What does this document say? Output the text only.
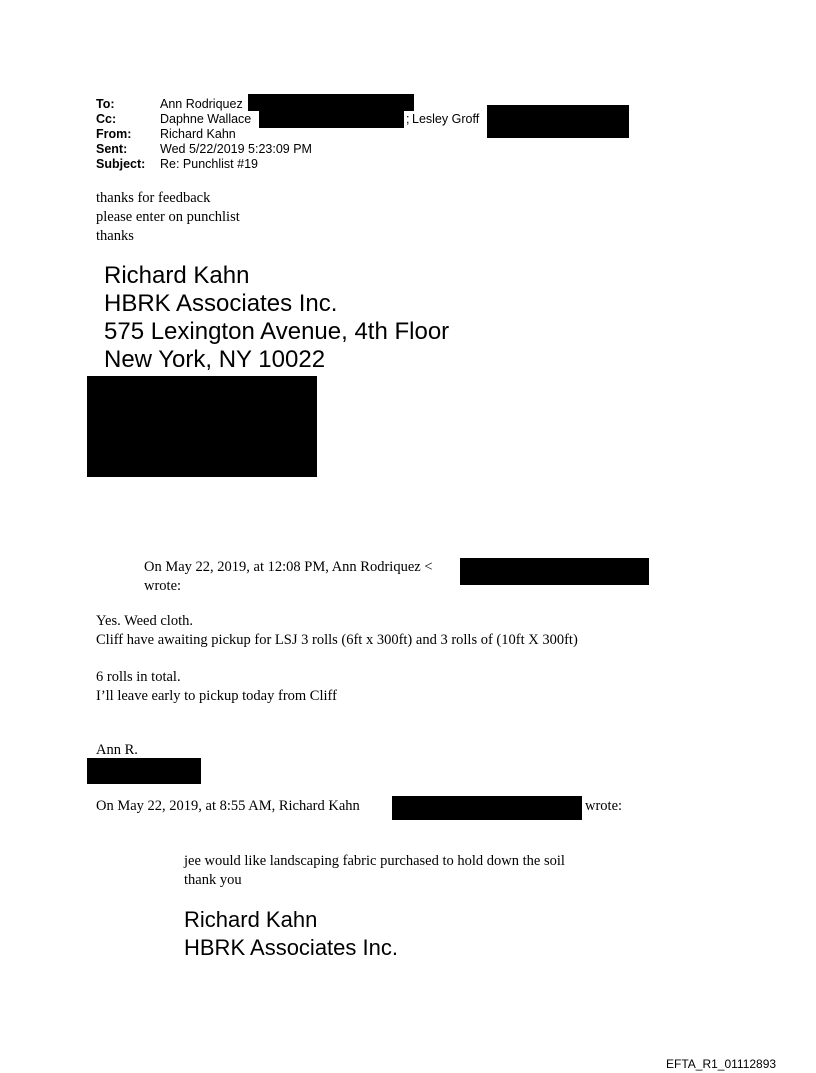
To:	Ann Rodriquez
Cc:	Daphne Wallace	; Lesley Groff
From: Richard Kahn
Sent:	Wed 5/22/2019 5:23:09 PM
Subject: Re: Punchlist #19
thanks for feedback
please enter on punchlist
thanks
Richard Kahn
HBRK Associates Inc.
575 Lexington Avenue, 4th Floor
New York, NY 10022
On May 22, 2019, at 12:08 PM, Ann Rodriquez <
wrote:
Yes. Weed cloth.
Cliff have awaiting pickup for LSJ 3 rolls (6ft x 300ft) and 3 rolls of (10ft X 300ft)
6 rolls in total.
I’ll leave early to pickup today from Cliff
Ann R.
On May 22, 2019, at 8:55 AM, Richard Kahn	wrote:
jee would like landscaping fabric purchased to hold down the soil
thank you
Richard Kahn
HBRK Associates Inc.
EFTA_R1_01112893
